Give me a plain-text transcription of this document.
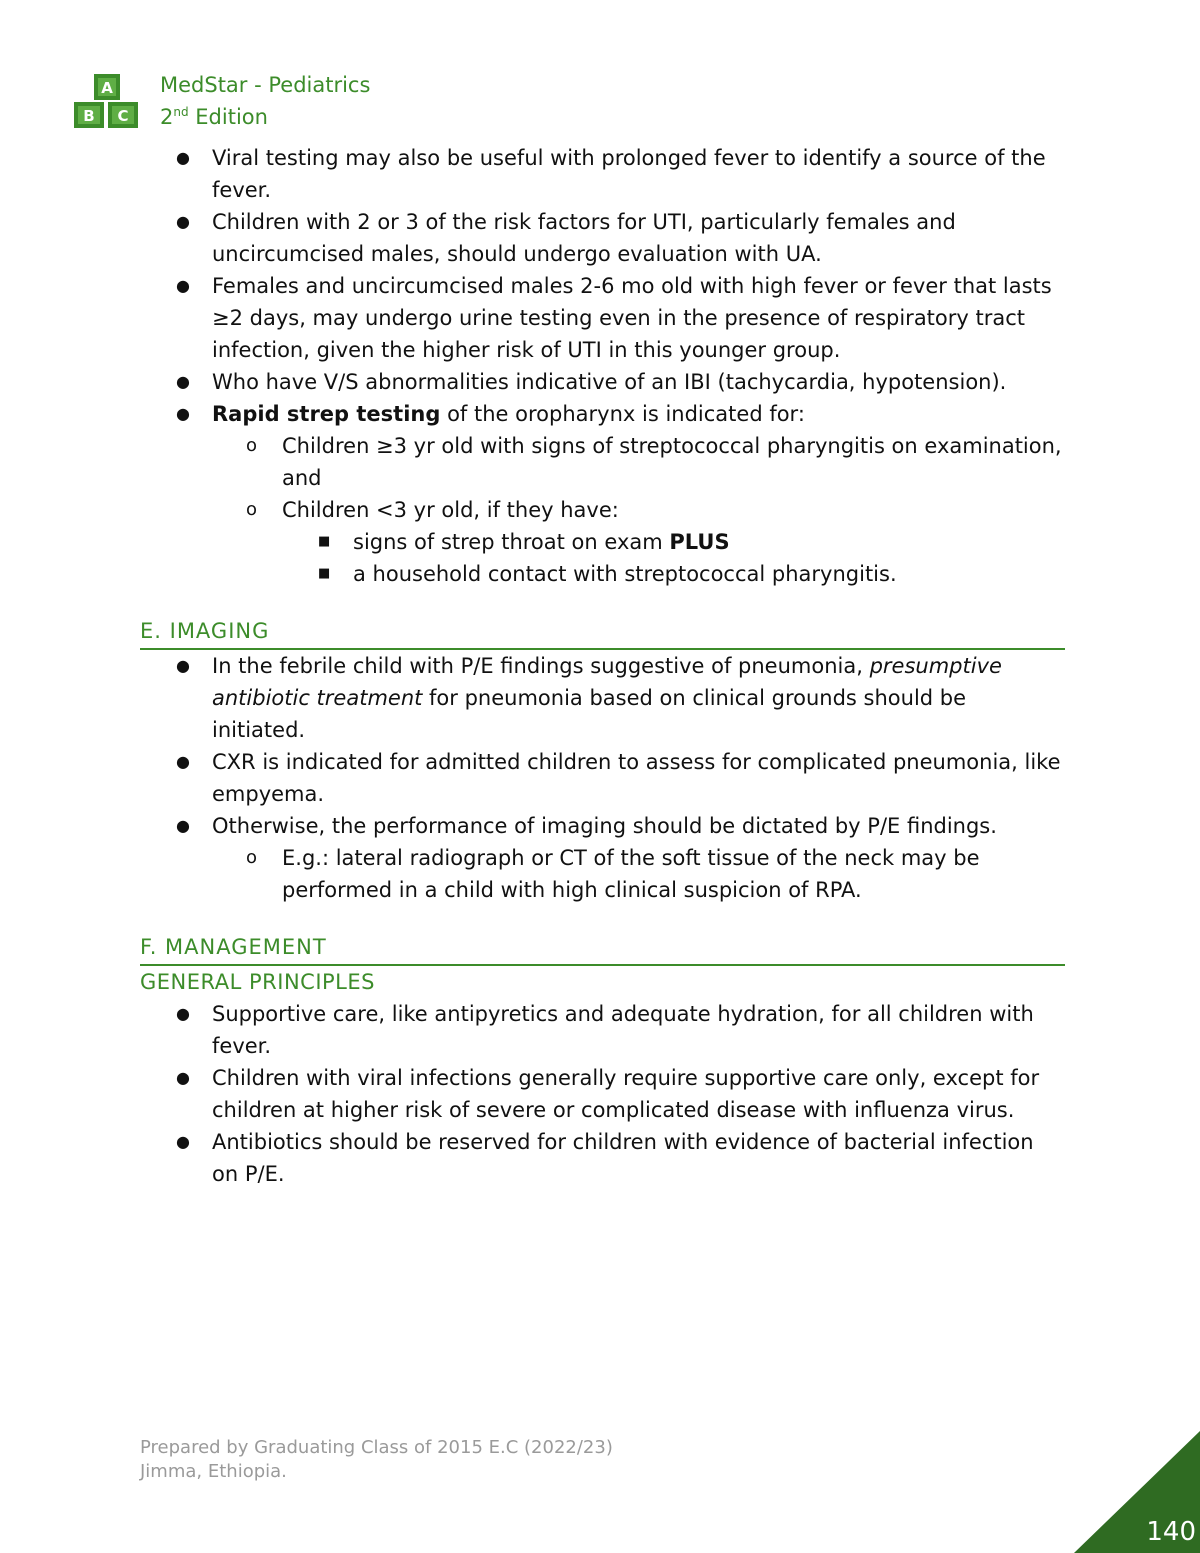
A
B C
MedStar - Pediatrics
2nd Edition
● Viral testing may also be useful with prolonged fever to identify a source of the fever.
● Children with 2 or 3 of the risk factors for UTI, particularly females and uncircumcised males, should undergo evaluation with UA.
● Females and uncircumcised males 2-6 mo old with high fever or fever that lasts ≥2 days, may undergo urine testing even in the presence of respiratory tract infection, given the higher risk of UTI in this younger group.
● Who have V/S abnormalities indicative of an IBI (tachycardia, hypotension).
● Rapid strep testing of the oropharynx is indicated for:
o Children ≥3 yr old with signs of streptococcal pharyngitis on examination, and
o Children <3 yr old, if they have:
■ signs of strep throat on exam PLUS
■ a household contact with streptococcal pharyngitis.
E. IMAGING
● In the febrile child with P/E findings suggestive of pneumonia, presumptive antibiotic treatment for pneumonia based on clinical grounds should be initiated.
● CXR is indicated for admitted children to assess for complicated pneumonia, like empyema.
● Otherwise, the performance of imaging should be dictated by P/E findings.
o E.g.: lateral radiograph or CT of the soft tissue of the neck may be performed in a child with high clinical suspicion of RPA.
F. MANAGEMENT
GENERAL PRINCIPLES
● Supportive care, like antipyretics and adequate hydration, for all children with fever.
● Children with viral infections generally require supportive care only, except for children at higher risk of severe or complicated disease with influenza virus.
● Antibiotics should be reserved for children with evidence of bacterial infection on P/E.
Prepared by Graduating Class of 2015 E.C (2022/23)
Jimma, Ethiopia.
140
